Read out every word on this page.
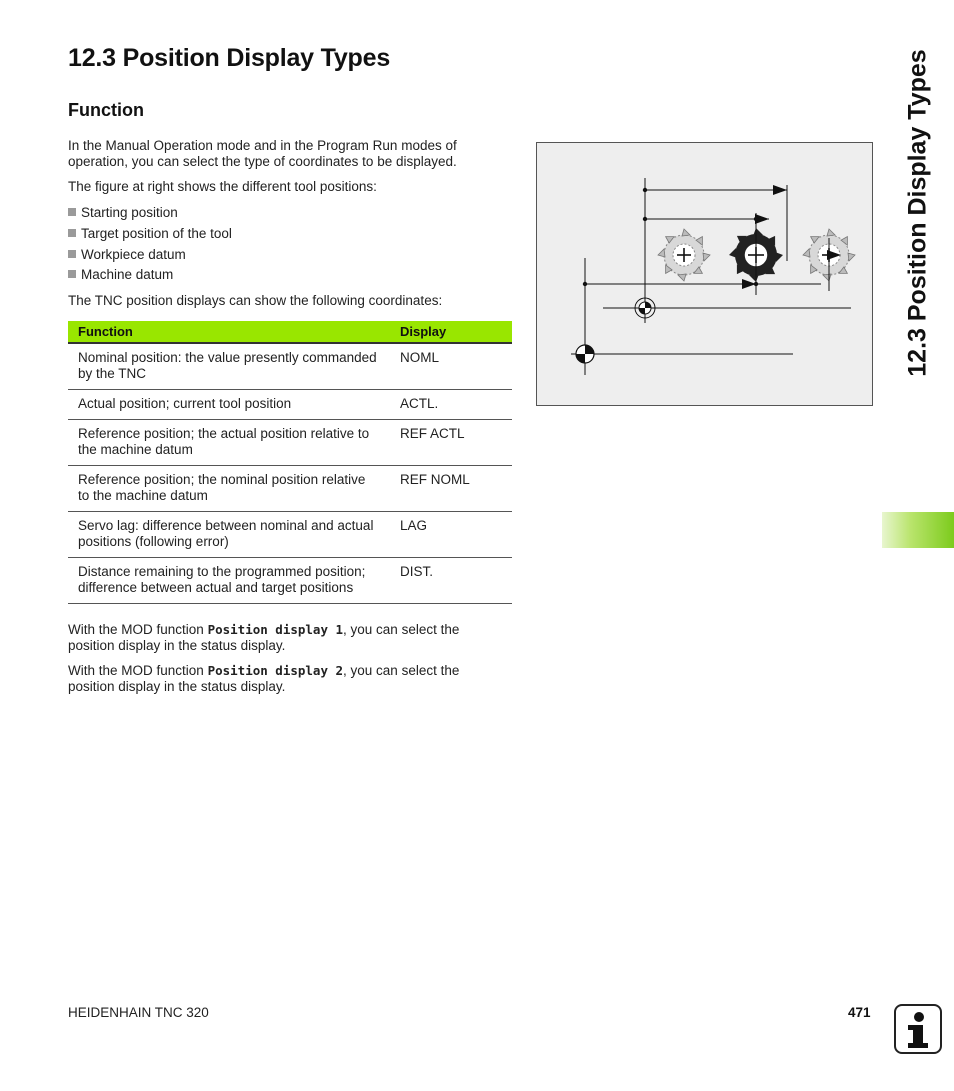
12.3 Position Display Types
Function

In the Manual Operation mode and in the Program Run modes of operation, you can select the type of coordinates to be displayed.

The figure at right shows the different tool positions:

Starting position

Target position of the tool

Workpiece datum

Machine datum

The TNC position displays can show the following coordinates:

Function	Display
Nominal position: the value presently commanded by the TNC	NOML
Actual position; current tool position	ACTL.
Reference position; the actual position relative to the machine datum	REF ACTL
Reference position; the nominal position relative to the machine datum	REF NOML
Servo lag: difference between nominal and actual positions (following error)	LAG
Distance remaining to the programmed position; difference between actual and target positions	DIST.

With the MOD function Position display 1, you can select the position display in the status display.

With the MOD function Position display 2, you can select the position display in the status display.

12.3 Position Display Types
HEIDENHAIN TNC 320	471
